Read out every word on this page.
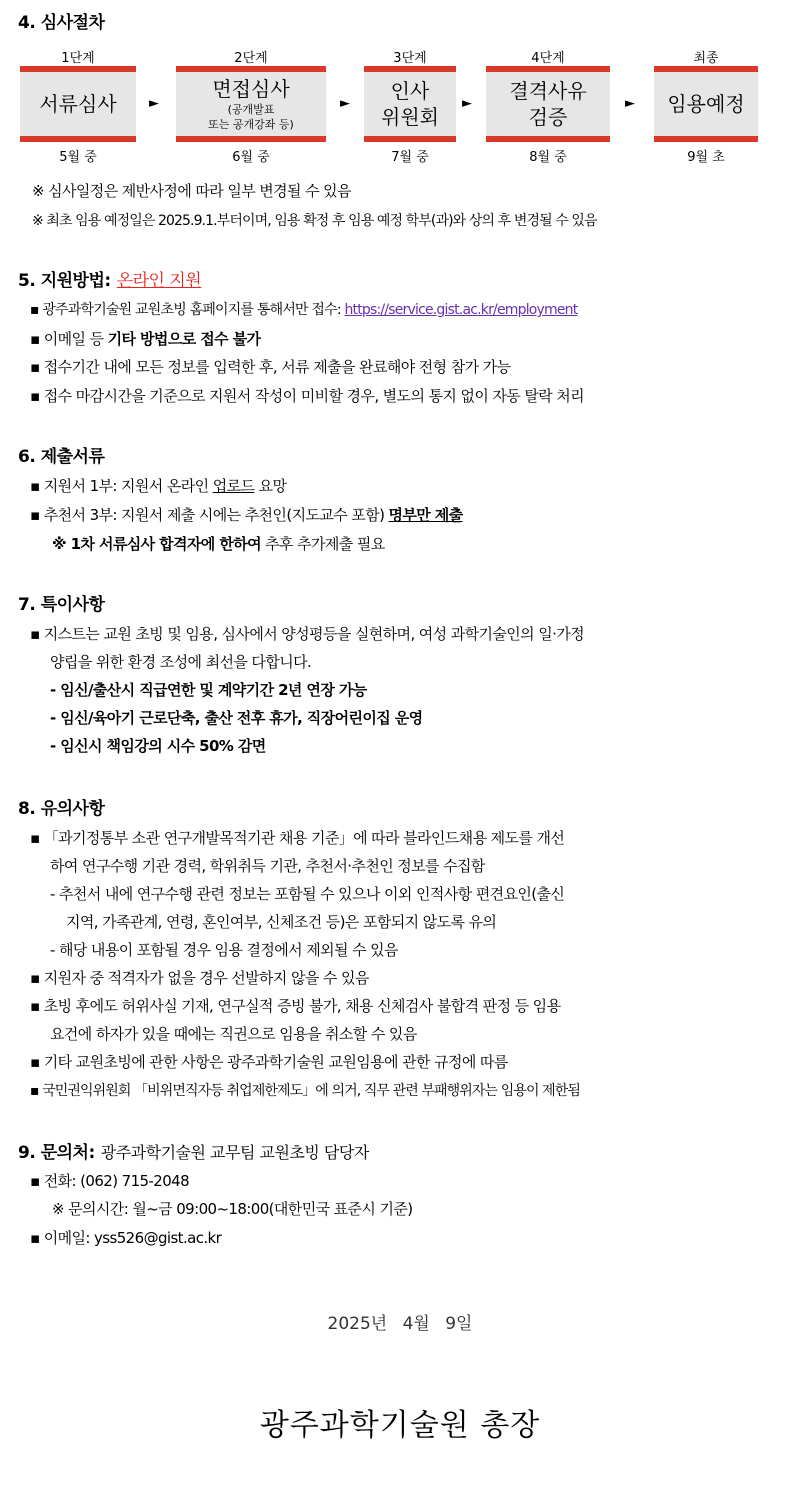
4. 심사절차
1단계
서류심사
5월 중
►
2단계
면접심사
(공개발표
또는 공개강좌 등)
6월 중
►
3단계
인사
위원회
7월 중
►
4단계
결격사유
검증
8월 중
►
최종
임용예정
9월 초
※ 심사일정은 제반사정에 따라 일부 변경될 수 있음
※ 최초 임용 예정일은 2025.9.1.부터이며, 임용 확정 후 임용 예정 학부(과)와 상의 후 변경될 수 있음
5. 지원방법: 온라인 지원
▪ 광주과학기술원 교원초빙 홈페이지를 통해서만 접수: https://service.gist.ac.kr/employment
▪ 이메일 등 기타 방법으로 접수 불가
▪ 접수기간 내에 모든 정보를 입력한 후, 서류 제출을 완료해야 전형 참가 가능
▪ 접수 마감시간을 기준으로 지원서 작성이 미비할 경우, 별도의 통지 없이 자동 탈락 처리
6. 제출서류
▪ 지원서 1부: 지원서 온라인 업로드 요망
▪ 추천서 3부: 지원서 제출 시에는 추천인(지도교수 포함) 명부만 제출
※ 1차 서류심사 합격자에 한하여 추후 추가제출 필요
7. 특이사항
▪ 지스트는 교원 초빙 및 임용, 심사에서 양성평등을 실현하며, 여성 과학기술인의 일·가정
양립을 위한 환경 조성에 최선을 다합니다.
- 임신/출산시 직급연한 및 계약기간 2년 연장 가능
- 임신/육아기 근로단축, 출산 전후 휴가, 직장어린이집 운영
- 임신시 책임강의 시수 50% 감면
8. 유의사항
▪ 「과기정통부 소관 연구개발목적기관 채용 기준」에 따라 블라인드채용 제도를 개선
하여 연구수행 기관 경력, 학위취득 기관, 추천서·추천인 정보를 수집함
- 추천서 내에 연구수행 관련 정보는 포함될 수 있으나 이외 인적사항 편견요인(출신
지역, 가족관계, 연령, 혼인여부, 신체조건 등)은 포함되지 않도록 유의
- 해당 내용이 포함될 경우 임용 결정에서 제외될 수 있음
▪ 지원자 중 적격자가 없을 경우 선발하지 않을 수 있음
▪ 초빙 후에도 허위사실 기재, 연구실적 증빙 불가, 채용 신체검사 불합격 판정 등 임용
요건에 하자가 있을 때에는 직권으로 임용을 취소할 수 있음
▪ 기타 교원초빙에 관한 사항은 광주과학기술원 교원임용에 관한 규정에 따름
▪ 국민권익위원회 「비위면직자등 취업제한제도」에 의거, 직무 관련 부패행위자는 임용이 제한됨
9. 문의처: 광주과학기술원 교무팀 교원초빙 담당자
▪ 전화: (062) 715-2048
※ 문의시간: 월~금 09:00~18:00(대한민국 표준시 기준)
▪ 이메일: yss526@gist.ac.kr
2025년 4월 9일
광주과학기술원 총장
